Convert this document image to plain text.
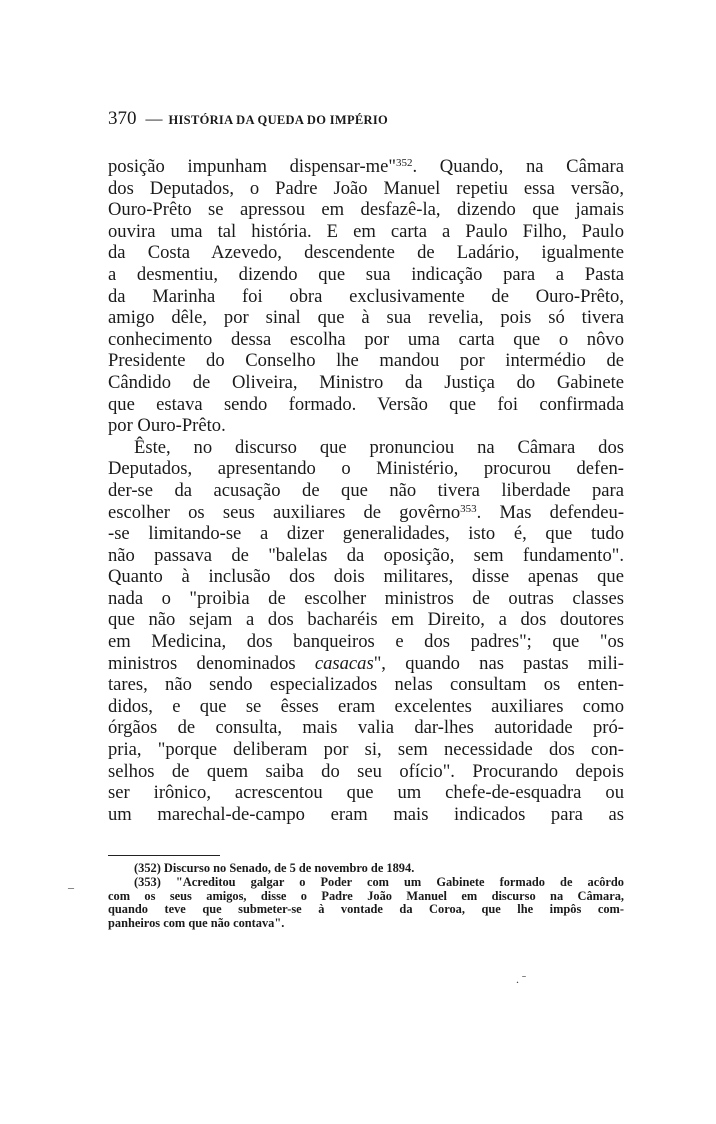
370 — HISTÓRIA DA QUEDA DO IMPÉRIO
posição impunham dispensar-me"$^{352}$. Quando, na Câmara
dos Deputados, o Padre João Manuel repetiu essa versão,
Ouro-Prêto se apressou em desfazê-la, dizendo que jamais
ouvira uma tal história. E em carta a Paulo Filho, Paulo
da Costa Azevedo, descendente de Ladário, igualmente
a desmentiu, dizendo que sua indicação para a Pasta
da Marinha foi obra exclusivamente de Ouro-Prêto,
amigo dêle, por sinal que à sua revelia, pois só tivera
conhecimento dessa escolha por uma carta que o nôvo
Presidente do Conselho lhe mandou por intermédio de
Cândido de Oliveira, Ministro da Justiça do Gabinete
que estava sendo formado. Versão que foi confirmada
por Ouro-Prêto.
Êste, no discurso que pronunciou na Câmara dos
Deputados, apresentando o Ministério, procurou defen-
der-se da acusação de que não tivera liberdade para
escolher os seus auxiliares de govêrno$^{353}$. Mas defendeu-
-se limitando-se a dizer generalidades, isto é, que tudo
não passava de "balelas da oposição, sem fundamento".
Quanto à inclusão dos dois militares, disse apenas que
nada o "proibia de escolher ministros de outras classes
que não sejam a dos bacharéis em Direito, a dos doutores
em Medicina, dos banqueiros e dos padres"; que "os
ministros denominados casacas", quando nas pastas mili-
tares, não sendo especializados nelas consultam os enten-
didos, e que se êsses eram excelentes auxiliares como
órgãos de consulta, mais valia dar-lhes autoridade pró-
pria, "porque deliberam por si, sem necessidade dos con-
selhos de quem saiba do seu ofício". Procurando depois
ser irônico, acrescentou que um chefe-de-esquadra ou
um marechal-de-campo eram mais indicados para as
(352) Discurso no Senado, de 5 de novembro de 1894.
(353) "Acreditou galgar o Poder com um Gabinete formado de acôrdo
com os seus amigos, disse o Padre João Manuel em discurso na Câmara,
quando teve que submeter-se à vontade da Coroa, que lhe impôs com-
panheiros com que não contava".
–
. ˉ
